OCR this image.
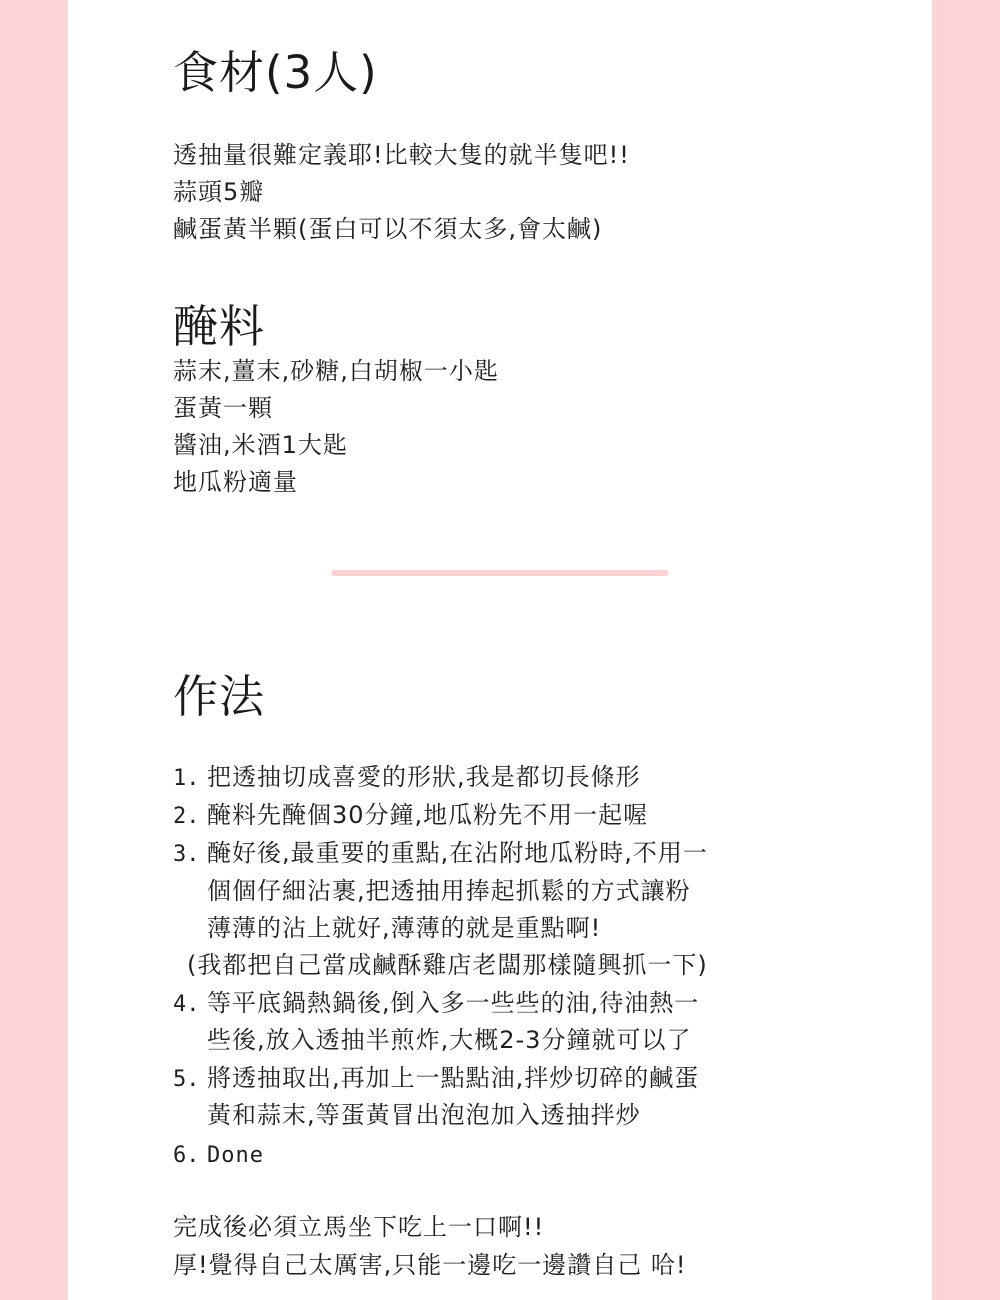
食材(3人)
透抽量很難定義耶!比較大隻的就半隻吧!!
蒜頭5瓣
鹹蛋黃半顆(蛋白可以不須太多,會太鹹)
醃料
蒜末,薑末,砂糖,白胡椒一小匙
蛋黃一顆
醬油,米酒1大匙
地瓜粉適量
作法
1. 把透抽切成喜愛的形狀,我是都切長條形
2. 醃料先醃個30分鐘,地瓜粉先不用一起喔
3. 醃好後,最重要的重點,在沾附地瓜粉時,不用一
個個仔細沾裹,把透抽用捧起抓鬆的方式讓粉
薄薄的沾上就好,薄薄的就是重點啊!
(我都把自己當成鹹酥雞店老闆那樣隨興抓一下)
4. 等平底鍋熱鍋後,倒入多一些些的油,待油熱一
些後,放入透抽半煎炸,大概2-3分鐘就可以了
5. 將透抽取出,再加上一點點油,拌炒切碎的鹹蛋
黃和蒜末,等蛋黃冒出泡泡加入透抽拌炒
6. Done
完成後必須立馬坐下吃上一口啊!!
厚!覺得自己太厲害,只能一邊吃一邊讚自己 哈!
